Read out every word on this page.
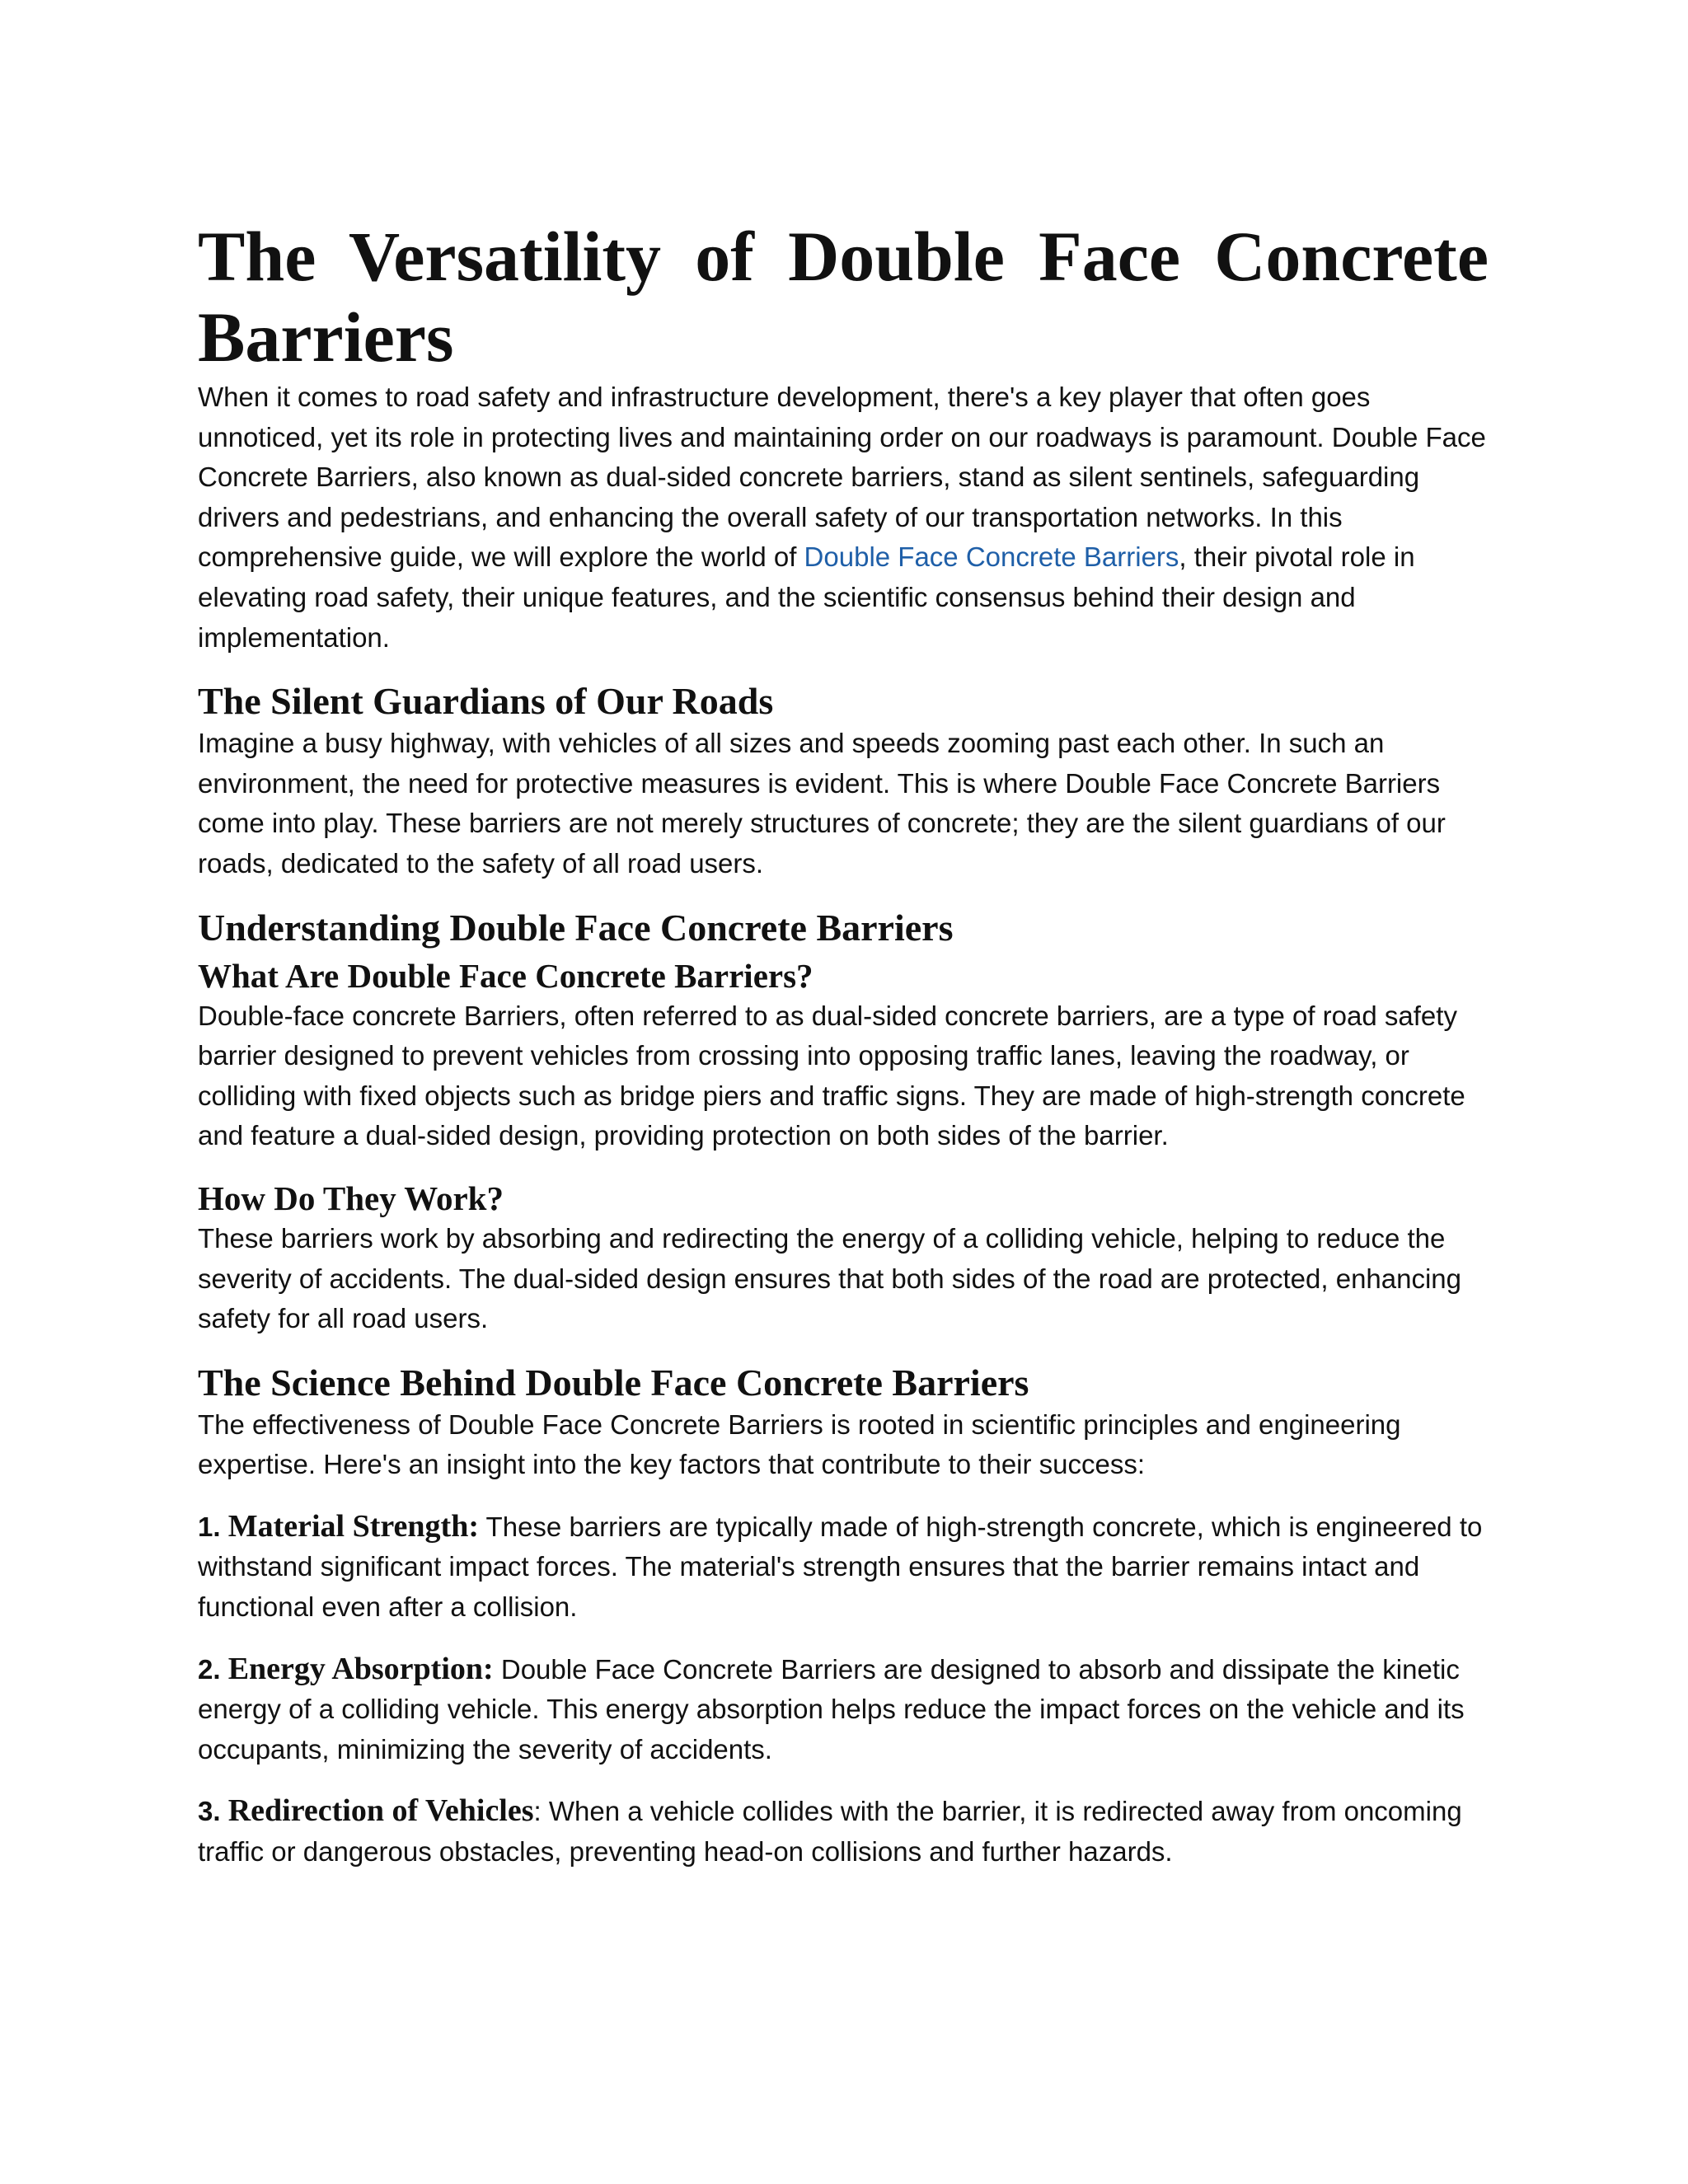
The Versatility of Double Face Concrete Barriers

When it comes to road safety and infrastructure development, there's a key player that often goes unnoticed, yet its role in protecting lives and maintaining order on our roadways is paramount. Double Face Concrete Barriers, also known as dual-sided concrete barriers, stand as silent sentinels, safeguarding drivers and pedestrians, and enhancing the overall safety of our transportation networks. In this comprehensive guide, we will explore the world of Double Face Concrete Barriers, their pivotal role in elevating road safety, their unique features, and the scientific consensus behind their design and implementation.

The Silent Guardians of Our Roads

Imagine a busy highway, with vehicles of all sizes and speeds zooming past each other. In such an environment, the need for protective measures is evident. This is where Double Face Concrete Barriers come into play. These barriers are not merely structures of concrete; they are the silent guardians of our roads, dedicated to the safety of all road users.

Understanding Double Face Concrete Barriers
What Are Double Face Concrete Barriers?

Double-face concrete Barriers, often referred to as dual-sided concrete barriers, are a type of road safety barrier designed to prevent vehicles from crossing into opposing traffic lanes, leaving the roadway, or colliding with fixed objects such as bridge piers and traffic signs. They are made of high-strength concrete and feature a dual-sided design, providing protection on both sides of the barrier.

How Do They Work?

These barriers work by absorbing and redirecting the energy of a colliding vehicle, helping to reduce the severity of accidents. The dual-sided design ensures that both sides of the road are protected, enhancing safety for all road users.

The Science Behind Double Face Concrete Barriers

The effectiveness of Double Face Concrete Barriers is rooted in scientific principles and engineering expertise. Here's an insight into the key factors that contribute to their success:

1. Material Strength: These barriers are typically made of high-strength concrete, which is engineered to withstand significant impact forces. The material's strength ensures that the barrier remains intact and functional even after a collision.

2. Energy Absorption: Double Face Concrete Barriers are designed to absorb and dissipate the kinetic energy of a colliding vehicle. This energy absorption helps reduce the impact forces on the vehicle and its occupants, minimizing the severity of accidents.

3. Redirection of Vehicles: When a vehicle collides with the barrier, it is redirected away from oncoming traffic or dangerous obstacles, preventing head-on collisions and further hazards.
